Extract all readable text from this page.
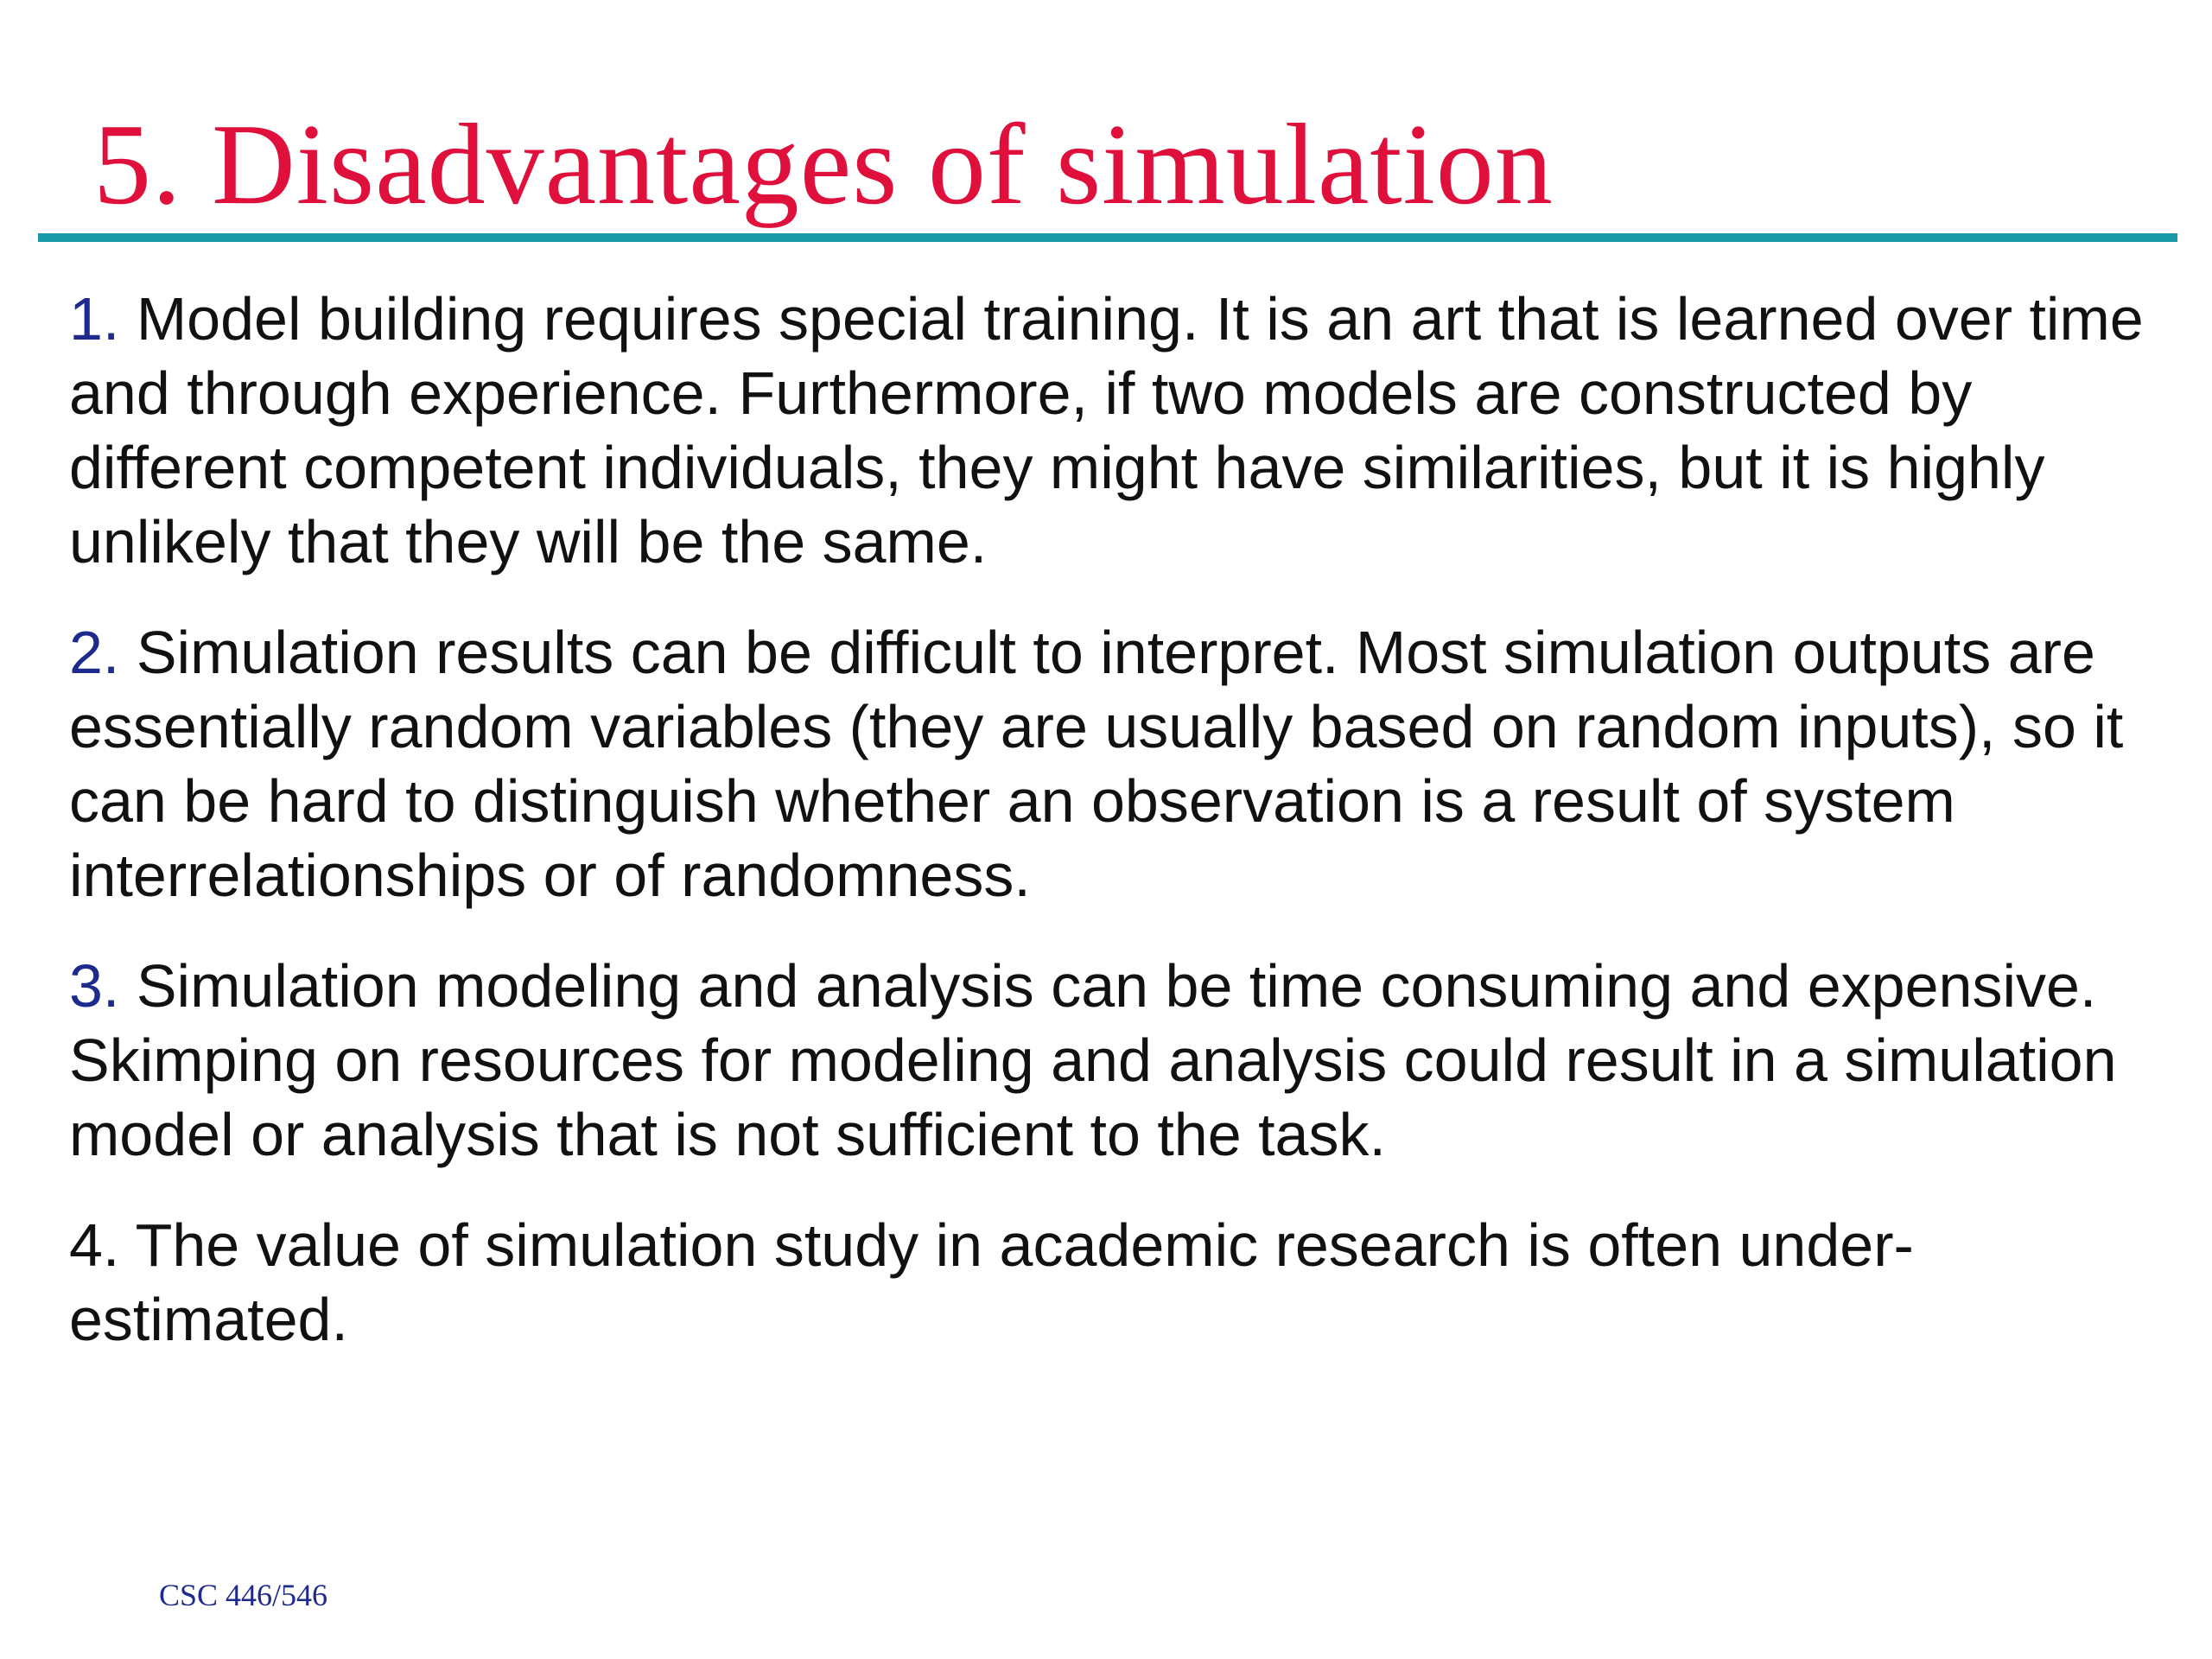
5. Disadvantages of simulation

1. Model building requires special training. It is an art that is learned over time and through experience. Furthermore, if two models are constructed by different competent individuals, they might have similarities, but it is highly unlikely that they will be the same.

2. Simulation results can be difficult to interpret. Most simulation outputs are essentially random variables (they are usually based on random inputs), so it can be hard to distinguish whether an observation is a result of system interrelationships or of randomness.

3. Simulation modeling and analysis can be time consuming and expensive. Skimping on resources for modeling and analysis could result in a simulation model or analysis that is not sufficient to the task.

4. The value of simulation study in academic research is often under-estimated.

CSC 446/546
